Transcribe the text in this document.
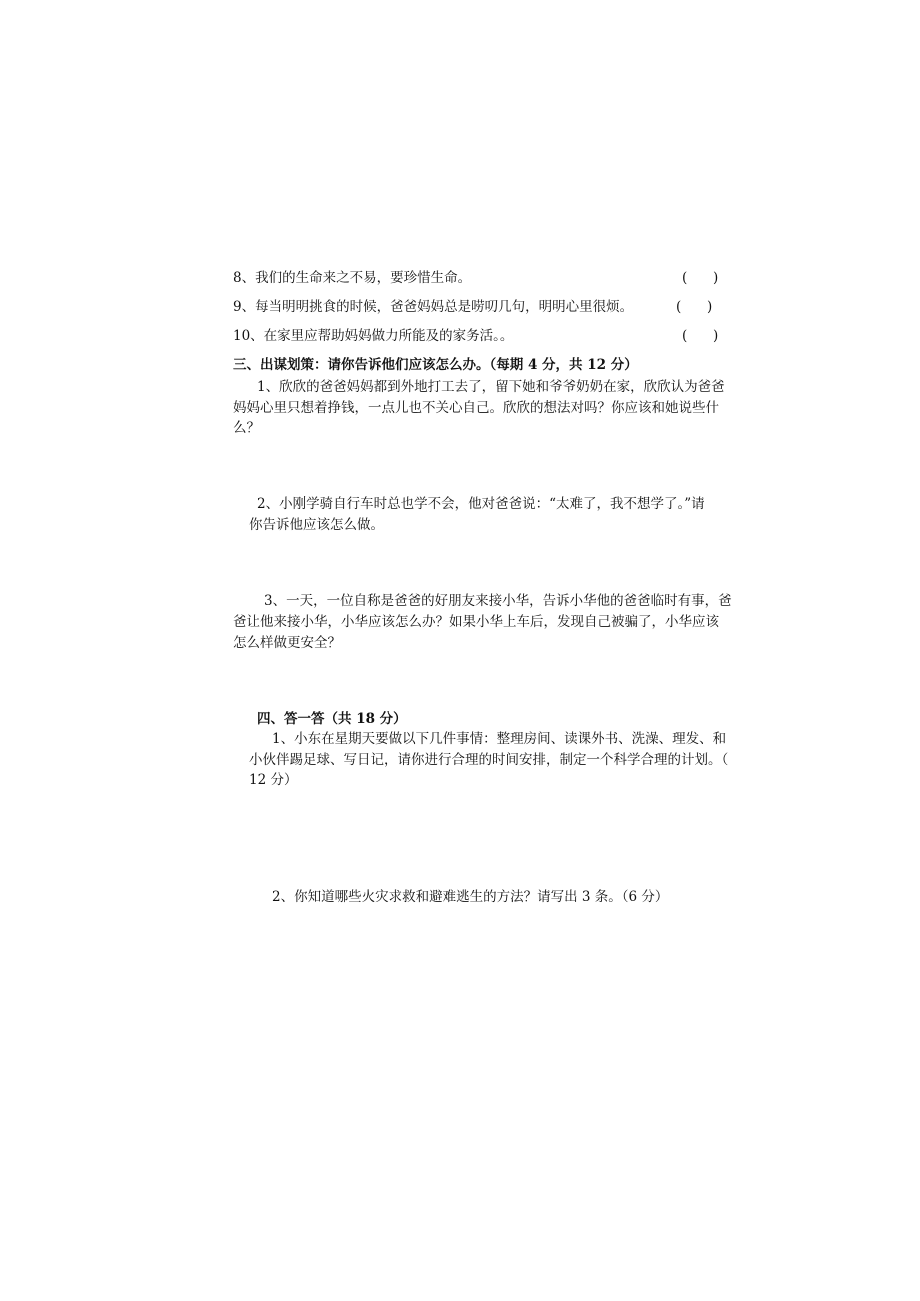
8、我们的生命来之不易，要珍惜生命。	(      )
9、每当明明挑食的时候，爸爸妈妈总是唠叨几句，明明心里很烦。	(      )
10、在家里应帮助妈妈做力所能及的家务活。。	(      )
三、出谋划策：请你告诉他们应该怎么办。（每期 4 分，共 12 分）
1、欣欣的爸爸妈妈都到外地打工去了，留下她和爷爷奶奶在家，欣欣认为爸爸
妈妈心里只想着挣钱，一点儿也不关心自己。欣欣的想法对吗？你应该和她说些什
么？
2、小刚学骑自行车时总也学不会，他对爸爸说：“太难了，我不想学了。”请
你告诉他应该怎么做。
3、一天，一位自称是爸爸的好朋友来接小华，告诉小华他的爸爸临时有事，爸
爸让他来接小华，小华应该怎么办？如果小华上车后，发现自己被骗了，小华应该
怎么样做更安全？
四、答一答（共 18 分）
1、小东在星期天要做以下几件事情：整理房间、读课外书、洗澡、理发、和
小伙伴踢足球、写日记，请你进行合理的时间安排，制定一个科学合理的计划。（
12 分）
2、你知道哪些火灾求救和避难逃生的方法？请写出 3 条。（6 分）
